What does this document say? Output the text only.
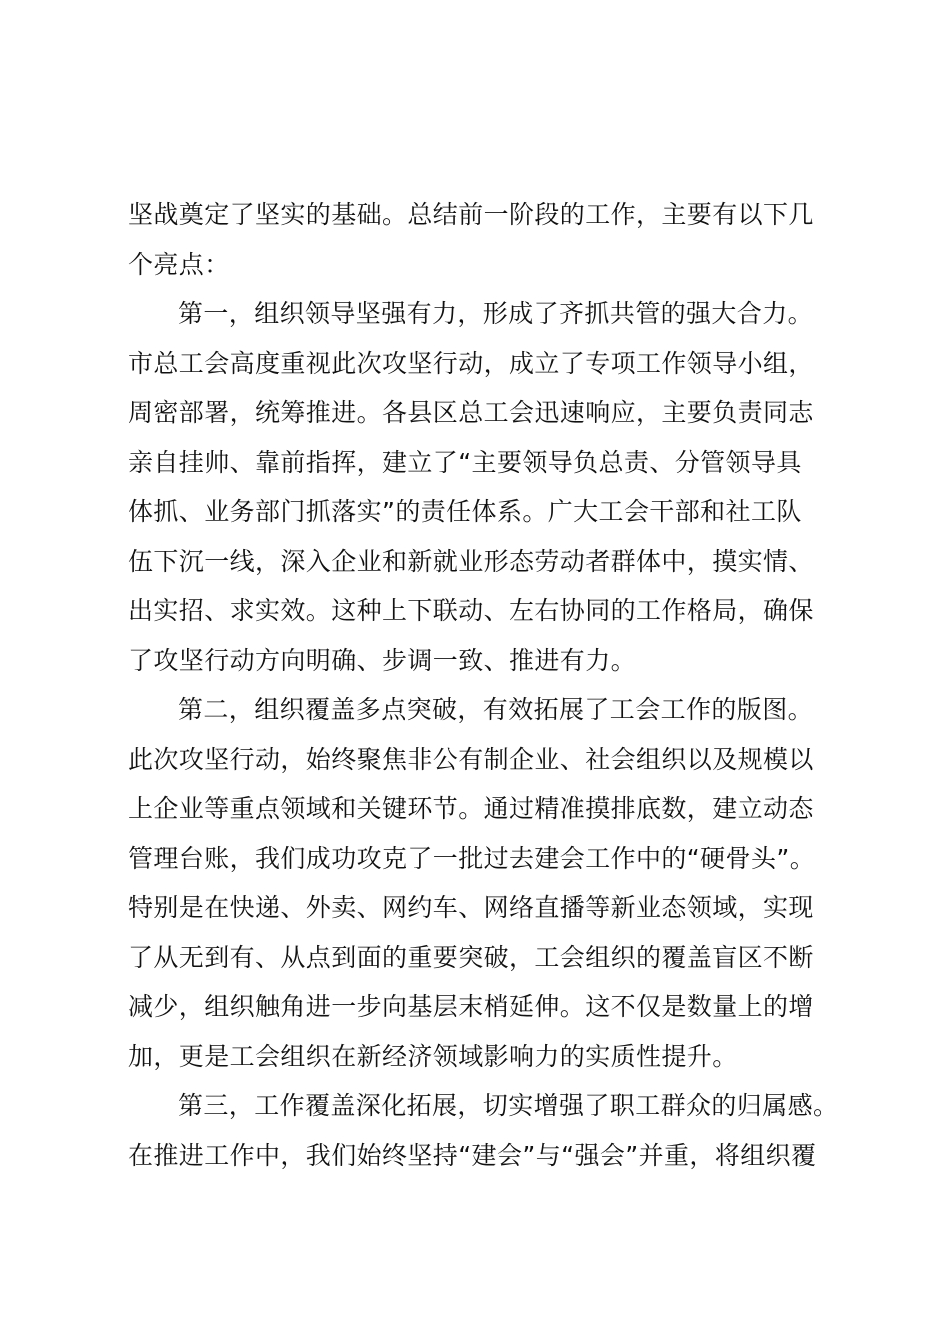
坚战奠定了坚实的基础。总结前一阶段的工作，主要有以下几
个亮点：
第一，组织领导坚强有力，形成了齐抓共管的强大合力。
市总工会高度重视此次攻坚行动，成立了专项工作领导小组，
周密部署，统筹推进。各县区总工会迅速响应，主要负责同志
亲自挂帅、靠前指挥，建立了“主要领导负总责、分管领导具
体抓、业务部门抓落实”的责任体系。广大工会干部和社工队
伍下沉一线，深入企业和新就业形态劳动者群体中，摸实情、
出实招、求实效。这种上下联动、左右协同的工作格局，确保
了攻坚行动方向明确、步调一致、推进有力。
第二，组织覆盖多点突破，有效拓展了工会工作的版图。
此次攻坚行动，始终聚焦非公有制企业、社会组织以及规模以
上企业等重点领域和关键环节。通过精准摸排底数，建立动态
管理台账，我们成功攻克了一批过去建会工作中的“硬骨头”。
特别是在快递、外卖、网约车、网络直播等新业态领域，实现
了从无到有、从点到面的重要突破，工会组织的覆盖盲区不断
减少，组织触角进一步向基层末梢延伸。这不仅是数量上的增
加，更是工会组织在新经济领域影响力的实质性提升。
第三，工作覆盖深化拓展，切实增强了职工群众的归属感。
在推进工作中，我们始终坚持“建会”与“强会”并重，将组织覆
